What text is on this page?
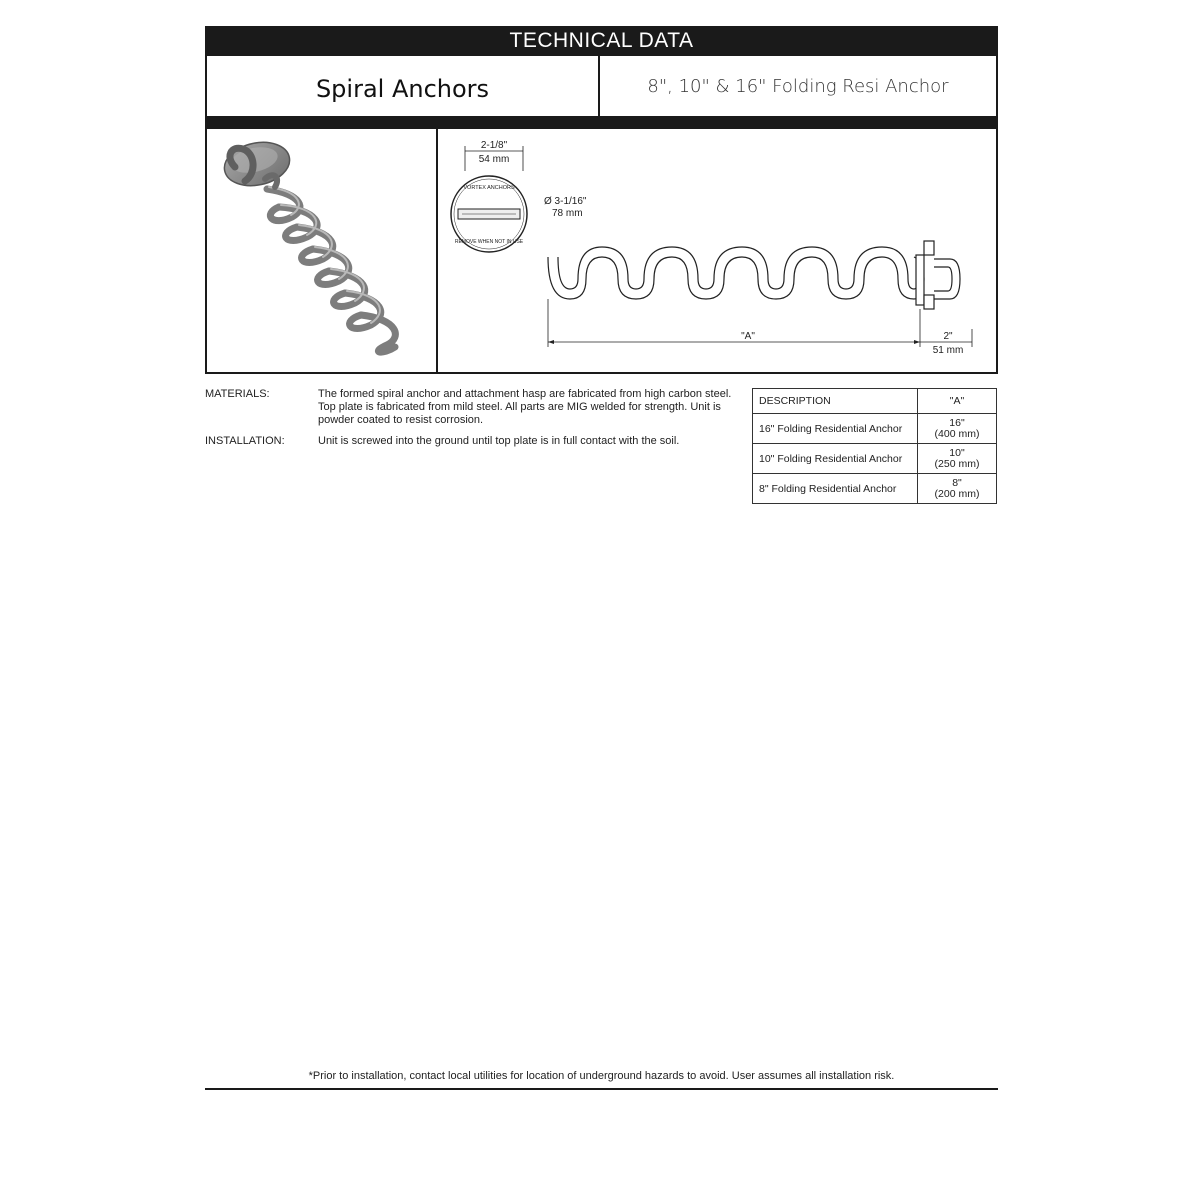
TECHNICAL DATA
Spiral Anchors	8", 10" & 16" Folding Resi Anchor
2-1/8"
54 mm
VORTEX ANCHORS
REMOVE WHEN NOT IN USE
Ø 3-1/16"
78 mm
"A"	2"
51 mm
MATERIALS:	The formed spiral anchor and attachment hasp are fabricated from high carbon steel. Top plate is fabricated from mild steel. All parts are MIG welded for strength. Unit is powder coated to resist corrosion.
INSTALLATION:	Unit is screwed into the ground until top plate is in full contact with the soil.
DESCRIPTION	"A"
16" Folding Residential Anchor	16"
(400 mm)
10" Folding Residential Anchor	10"
(250 mm)
8" Folding Residential Anchor	8"
(200 mm)
*Prior to installation, contact local utilities for location of underground hazards to avoid. User assumes all installation risk.
